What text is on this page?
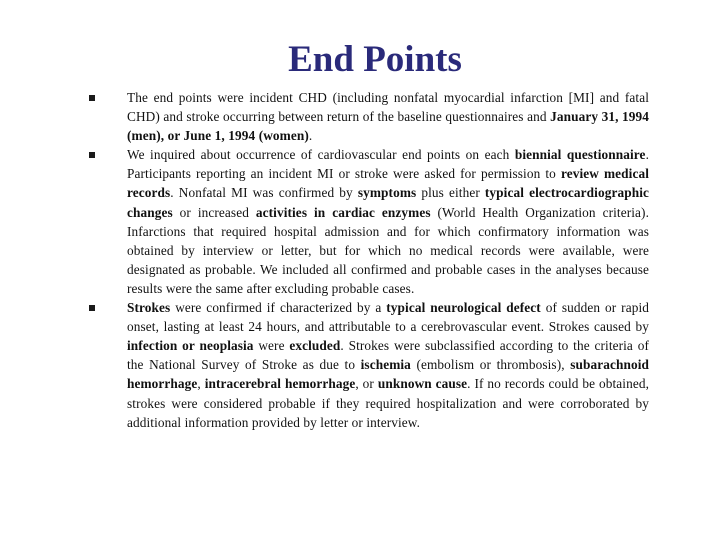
End Points
The end points were incident CHD (including nonfatal myocardial infarction [MI] and fatal CHD) and stroke occurring between return of the baseline questionnaires and January 31, 1994 (men), or June 1, 1994 (women).
We inquired about occurrence of cardiovascular end points on each biennial questionnaire. Participants reporting an incident MI or stroke were asked for permission to review medical records. Nonfatal MI was confirmed by symptoms plus either typical electrocardiographic changes or increased activities in cardiac enzymes (World Health Organization criteria). Infarctions that required hospital admission and for which confirmatory information was obtained by interview or letter, but for which no medical records were available, were designated as probable. We included all confirmed and probable cases in the analyses because results were the same after excluding probable cases.
Strokes were confirmed if characterized by a typical neurological defect of sudden or rapid onset, lasting at least 24 hours, and attributable to a cerebrovascular event. Strokes caused by infection or neoplasia were excluded. Strokes were subclassified according to the criteria of the National Survey of Stroke as due to ischemia (embolism or thrombosis), subarachnoid hemorrhage, intracerebral hemorrhage, or unknown cause. If no records could be obtained, strokes were considered probable if they required hospitalization and were corroborated by additional information provided by letter or interview.
